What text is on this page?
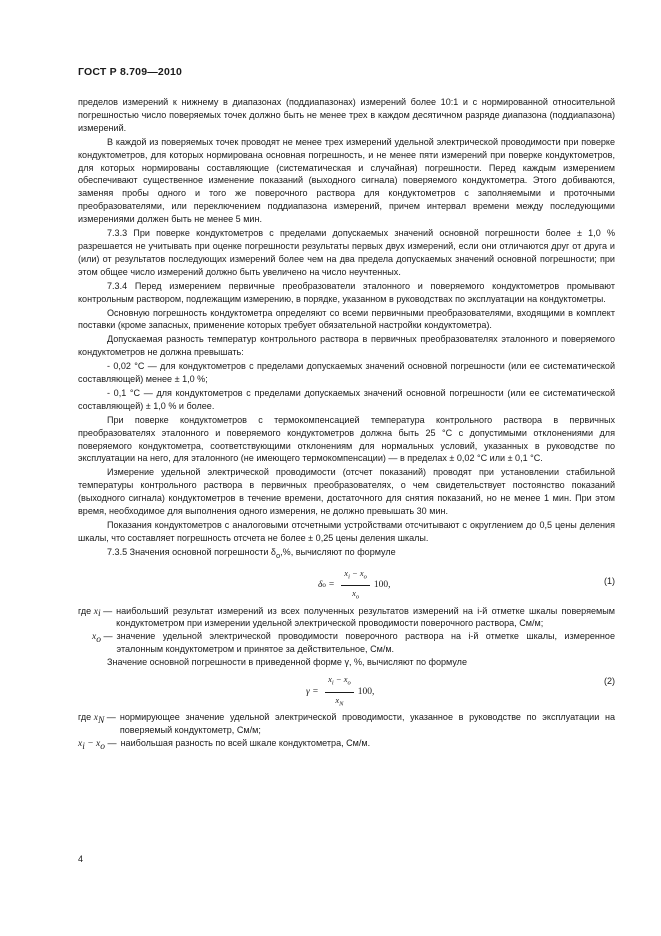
ГОСТ Р 8.709—2010

пределов измерений к нижнему в диапазонах (поддиапазонах) измерений более 10:1 и с нормированной относительной погрешностью число поверяемых точек должно быть не менее трех в каждом десятичном разряде диапазона (поддиапазона) измерений.

В каждой из поверяемых точек проводят не менее трех измерений удельной электрической проводимости при поверке кондуктометров, для которых нормирована основная погрешность, и не менее пяти измерений при поверке кондуктометров, для которых нормированы составляющие (систематическая и случайная) погрешности. Перед каждым измерением обеспечивают существенное изменение показаний (выходного сигнала) поверяемого кондуктометра. Этого добиваются, заменяя пробы одного и того же поверочного раствора для кондуктометров с заполняемыми и проточными преобразователями, или переключением поддиапазона измерений, причем интервал времени между последующими измерениями должен быть не менее 5 мин.

7.3.3 При поверке кондуктометров с пределами допускаемых значений основной погрешности более ± 1,0 % разрешается не учитывать при оценке погрешности результаты первых двух измерений, если они отличаются друг от друга и (или) от результатов последующих измерений более чем на два предела допускаемых значений основной погрешности; при этом общее число измерений должно быть увеличено на число неучтенных.

7.3.4 Перед измерением первичные преобразователи эталонного и поверяемого кондуктометров промывают контрольным раствором, подлежащим измерению, в порядке, указанном в руководствах по эксплуатации на кондуктометры.

Основную погрешность кондуктометра определяют со всеми первичными преобразователями, входящими в комплект поставки (кроме запасных, применение которых требует обязательной настройки кондуктометра).

Допускаемая разность температур контрольного раствора в первичных преобразователях эталонного и поверяемого кондуктометров не должна превышать:

- 0,02 °С — для кондуктометров с пределами допускаемых значений основной погрешности (или ее систематической составляющей) менее ± 1,0 %;

- 0,1 °С — для кондуктометров с пределами допускаемых значений основной погрешности (или ее систематической составляющей) ± 1,0 % и более.

При поверке кондуктометров с термокомпенсацией температура контрольного раствора в первичных преобразователях эталонного и поверяемого кондуктометров должна быть 25 °С с допустимыми отклонениями для поверяемого кондуктометра, соответствующими отклонениям для нормальных условий, указанных в руководстве по эксплуатации на него, для эталонного (не имеющего термокомпенсации) — в пределах ± 0,02 °С или ± 0,1 °С.

Измерение удельной электрической проводимости (отсчет показаний) проводят при установлении стабильной температуры контрольного раствора в первичных преобразователях, о чем свидетельствует постоянство показаний (выходного сигнала) кондуктометров в течение времени, достаточного для снятия показаний, но не менее 1 мин. При этом время, необходимое для выполнения одного измерения, не должно превышать 30 мин.

Показания кондуктометров с аналоговыми отсчетными устройствами отсчитывают с округлением до 0,5 цены деления шкалы, что составляет погрешность отсчета не более ± 0,25 цены деления шкалы.

7.3.5 Значения основной погрешности $\delta_о,\%$, вычисляют по формуле

δ $о = \frac{x_i - x_o}{x_o} 100$,	(1)
где $x_i$ — наибольший результат измерений из всех полученных результатов измерений на i-й отметке шкалы поверяемым кондуктометром при измерении удельной электрической проводимости поверочного раствора, См/м;
$x_o$ — значение удельной электрической проводимости поверочного раствора на i-й отметке шкалы, измеренное эталонным кондуктометром и принятое за действительное, См/м.

Значение основной погрешности в приведенной форме γ, %, вычисляют по формуле

$\gamma = \frac{x_i - x_o}{x_N} 100$,
(2)
где $x_N$ — нормирующее значение удельной электрической проводимости, указанное в руководстве по эксплуатации на поверяемый кондуктометр, См/м;
$x_i - x_o$ — наибольшая разность по всей шкале кондуктометра, См/м.
4
